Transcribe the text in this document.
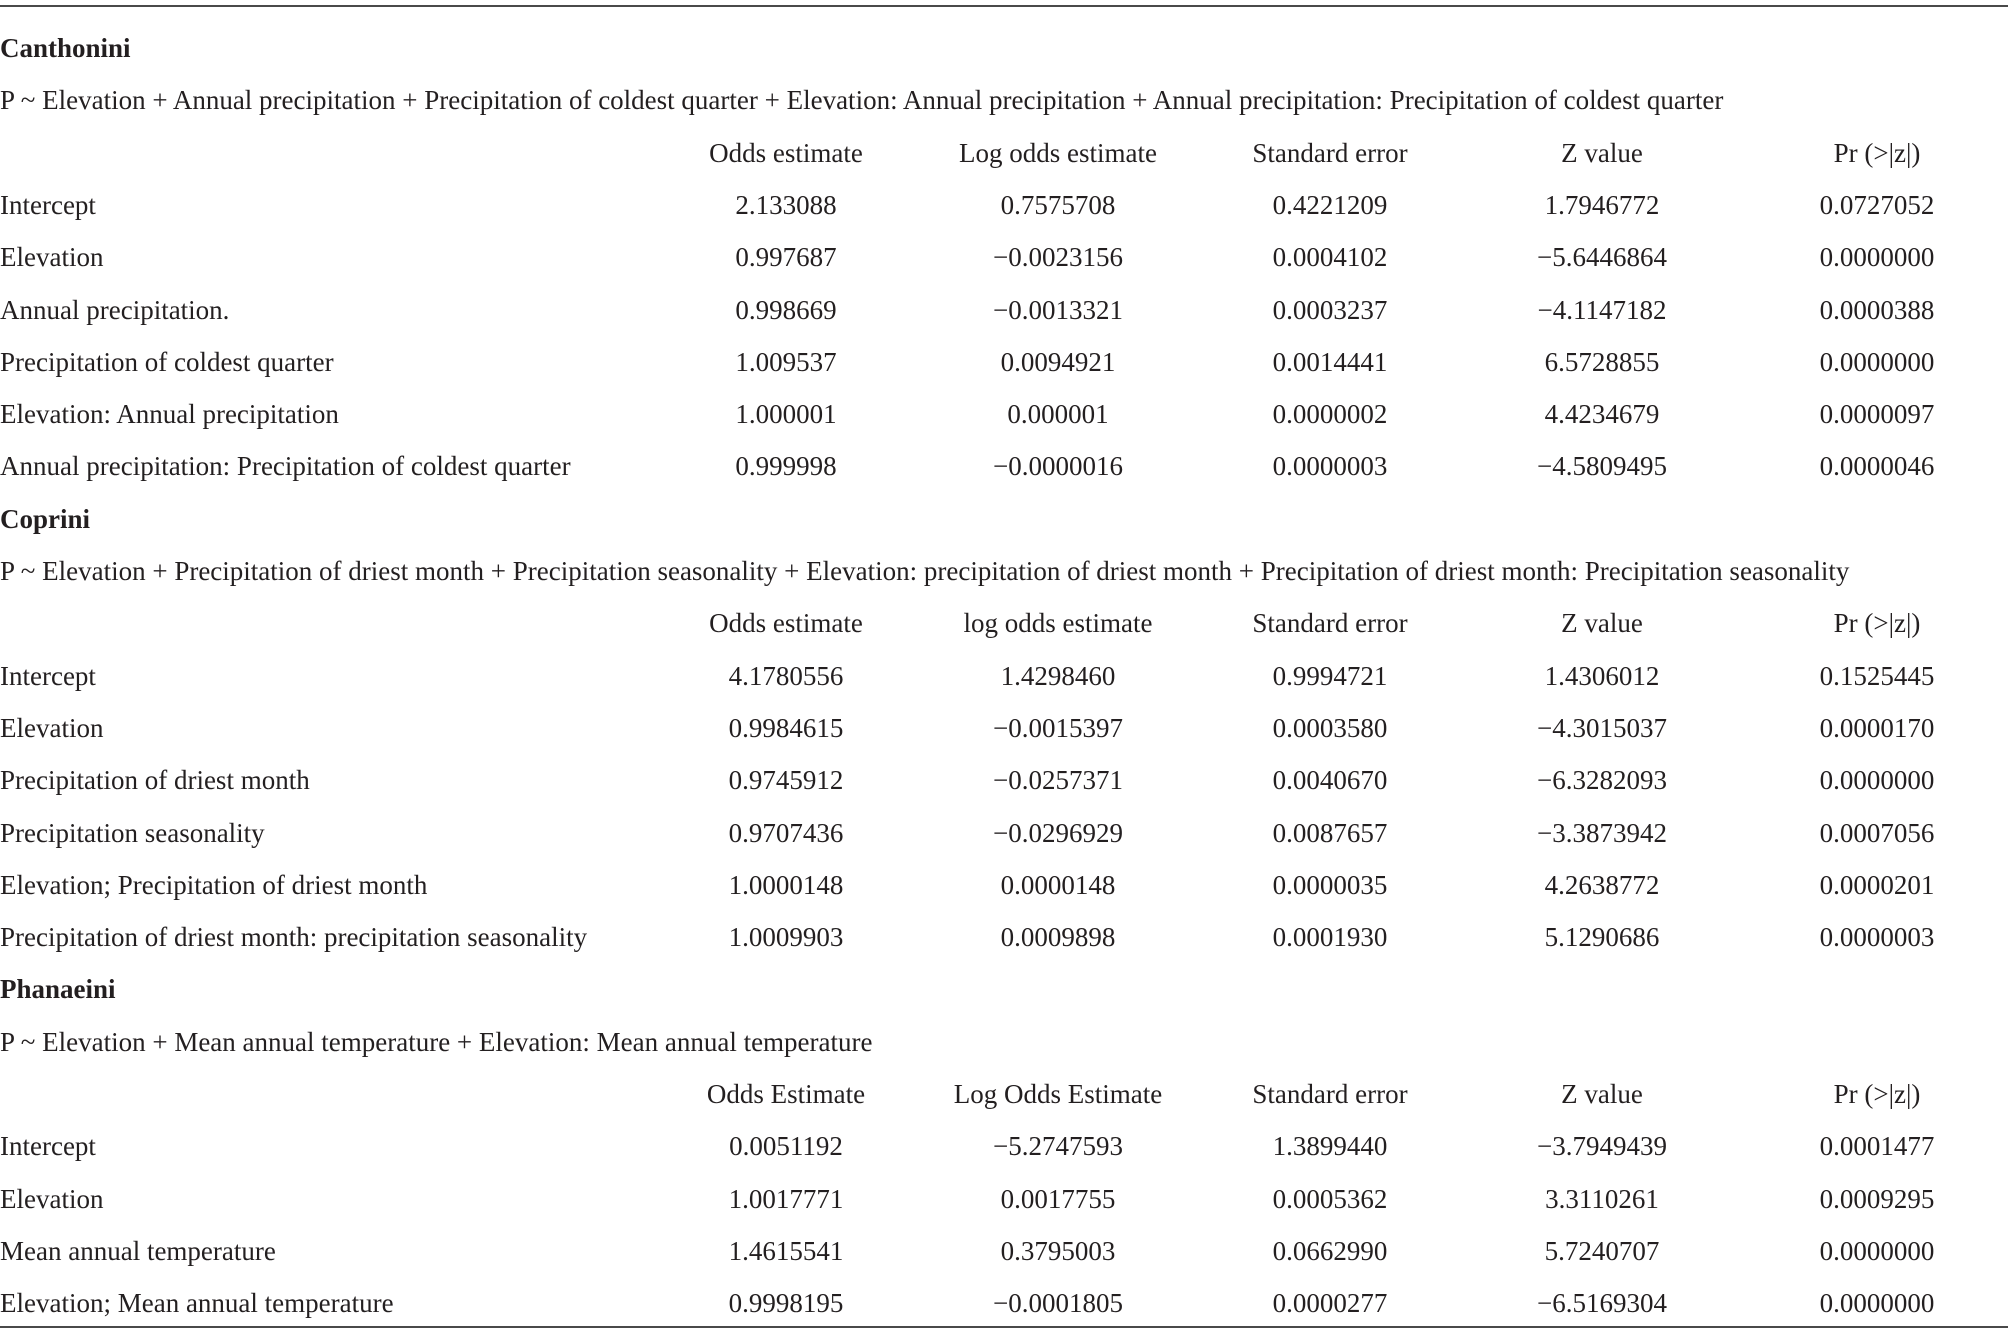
Canthonini
P ~ Elevation + Annual precipitation + Precipitation of coldest quarter + Elevation: Annual precipitation + Annual precipitation: Precipitation of coldest quarter
Odds estimate	Log odds estimate	Standard error	Z value	Pr (>|z|)
Intercept	2.133088	0.7575708	0.4221209	1.7946772	0.0727052
Elevation	0.997687	−0.0023156	0.0004102	−5.6446864	0.0000000
Annual precipitation.	0.998669	−0.0013321	0.0003237	−4.1147182	0.0000388
Precipitation of coldest quarter	1.009537	0.0094921	0.0014441	6.5728855	0.0000000
Elevation: Annual precipitation	1.000001	0.000001	0.0000002	4.4234679	0.0000097
Annual precipitation: Precipitation of coldest quarter	0.999998	−0.0000016	0.0000003	−4.5809495	0.0000046
Coprini
P ~ Elevation + Precipitation of driest month + Precipitation seasonality + Elevation: precipitation of driest month + Precipitation of driest month: Precipitation seasonality
Odds estimate	log odds estimate	Standard error	Z value	Pr (>|z|)
Intercept	4.1780556	1.4298460	0.9994721	1.4306012	0.1525445
Elevation	0.9984615	−0.0015397	0.0003580	−4.3015037	0.0000170
Precipitation of driest month	0.9745912	−0.0257371	0.0040670	−6.3282093	0.0000000
Precipitation seasonality	0.9707436	−0.0296929	0.0087657	−3.3873942	0.0007056
Elevation; Precipitation of driest month	1.0000148	0.0000148	0.0000035	4.2638772	0.0000201
Precipitation of driest month: precipitation seasonality	1.0009903	0.0009898	0.0001930	5.1290686	0.0000003
Phanaeini
P ~ Elevation + Mean annual temperature + Elevation: Mean annual temperature
Odds Estimate	Log Odds Estimate	Standard error	Z value	Pr (>|z|)
Intercept	0.0051192	−5.2747593	1.3899440	−3.7949439	0.0001477
Elevation	1.0017771	0.0017755	0.0005362	3.3110261	0.0009295
Mean annual temperature	1.4615541	0.3795003	0.0662990	5.7240707	0.0000000
Elevation; Mean annual temperature	0.9998195	−0.0001805	0.0000277	−6.5169304	0.0000000
